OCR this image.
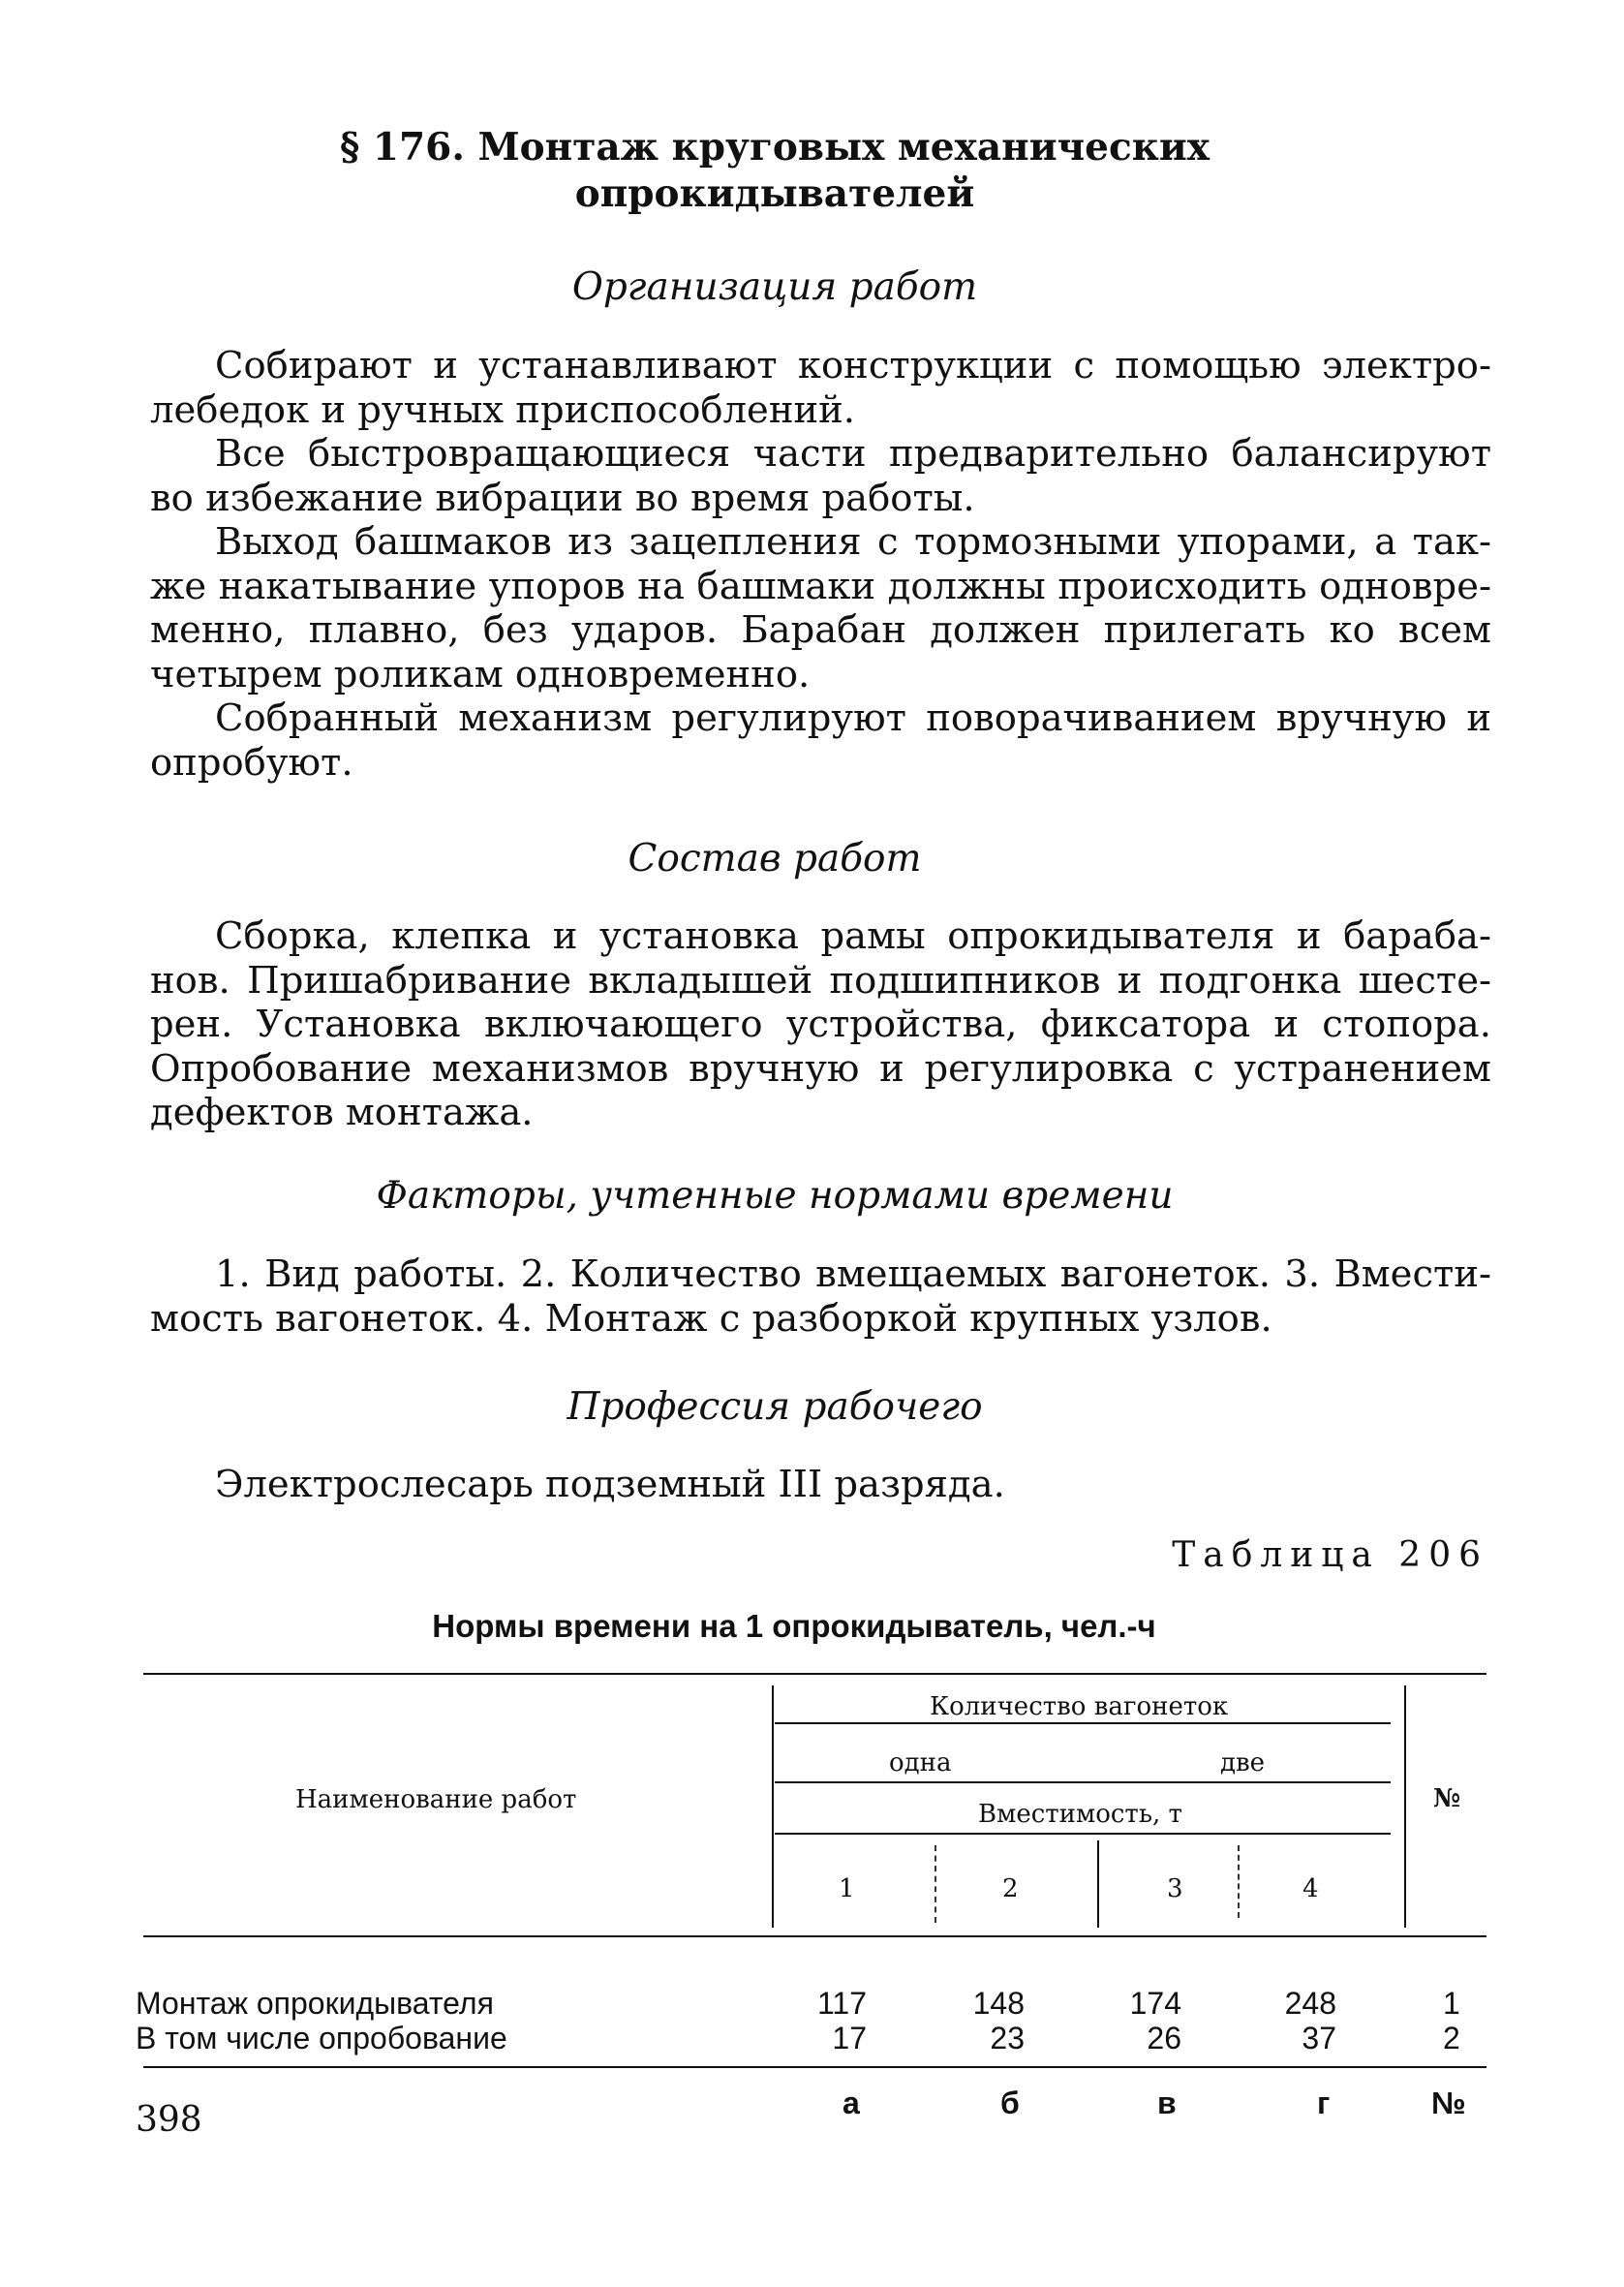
§ 176. Монтаж круговых механических
опрокидывателей
Организация работ

Собирают и устанавливают конструкции с помощью электро-лебедок и ручных приспособлений.

Все быстровращающиеся части предварительно балансируют во избежание вибрации во время работы.

Выход башмаков из зацепления с тормозными упорами, а так-же накатывание упоров на башмаки должны происходить одновре-менно, плавно, без ударов. Барабан должен прилегать ко всем четырем роликам одновременно.

Собранный механизм регулируют поворачиванием вручную и опробуют.

Состав работ

Сборка, клепка и установка рамы опрокидывателя и бараба-нов. Пришабривание вкладышей подшипников и подгонка шесте-рен. Установка включающего устройства, фиксатора и стопора. Опробование механизмов вручную и регулировка с устранением дефектов монтажа.

Факторы, учтенные нормами времени

1. Вид работы. 2. Количество вмещаемых вагонеток. 3. Вмести-мость вагонеток. 4. Монтаж с разборкой крупных узлов.

Профессия рабочего
Электрослесарь подземный III разряда.
Таблица 206
Нормы времени на 1 опрокидыватель, чел.-ч
Наименование работ
Количество вагонеток
одна	две
Вместимость, т
№
1	2	3	4
Монтаж опрокидывателя	117	148	174	248	1
В том числе опробование	17	23	26	37	2
а	б	в	г	№
398
